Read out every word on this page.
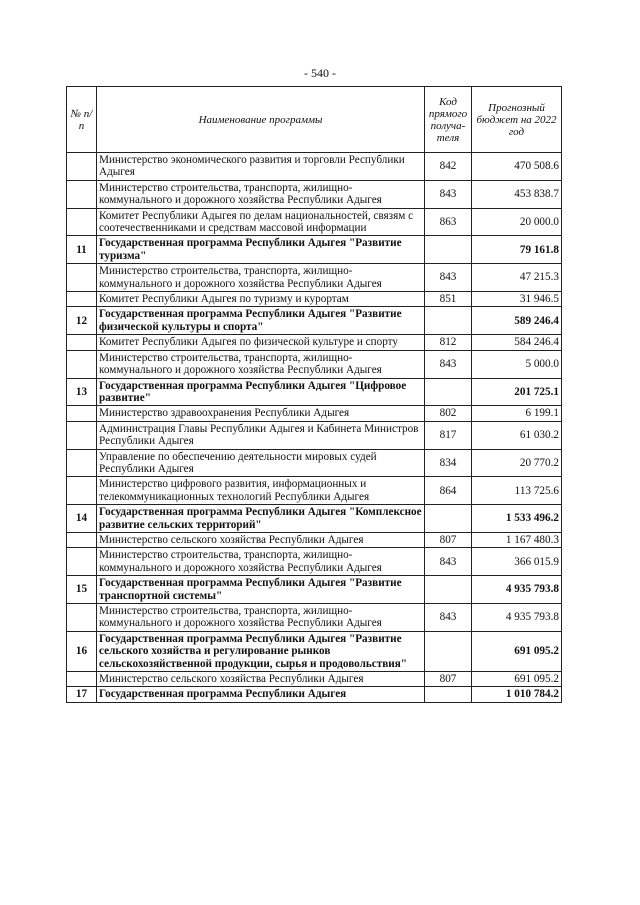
- 540 -
№ п/п	Наименование программы	Код прямого получа-теля	Прогнозный бюджет на 2022 год
	Министерство экономического развития и торговли Республики Адыгея	842	470 508.6
	Министерство строительства, транспорта, жилищно-коммунального и дорожного хозяйства Республики Адыгея	843	453 838.7
	Комитет Республики Адыгея по делам национальностей, связям с соотечественниками и средствам массовой информации	863	20 000.0
11	Государственная программа Республики Адыгея "Развитие туризма"		79 161.8
	Министерство строительства, транспорта, жилищно-коммунального и дорожного хозяйства Республики Адыгея	843	47 215.3
	Комитет Республики Адыгея по туризму и курортам	851	31 946.5
12	Государственная программа Республики Адыгея "Развитие физической культуры и спорта"		589 246.4
	Комитет Республики Адыгея по физической культуре и спорту	812	584 246.4
	Министерство строительства, транспорта, жилищно-коммунального и дорожного хозяйства Республики Адыгея	843	5 000.0
13	Государственная программа Республики Адыгея "Цифровое развитие"		201 725.1
	Министерство здравоохранения Республики Адыгея	802	6 199.1
	Администрация Главы Республики Адыгея и Кабинета Министров Республики Адыгея	817	61 030.2
	Управление по обеспечению деятельности мировых судей Республики Адыгея	834	20 770.2
	Министерство цифрового развития, информационных и телекоммуникационных технологий Республики Адыгея	864	113 725.6
14	Государственная программа Республики Адыгея "Комплексное развитие сельских территорий"		1 533 496.2
	Министерство сельского хозяйства Республики Адыгея	807	1 167 480.3
	Министерство строительства, транспорта, жилищно-коммунального и дорожного хозяйства Республики Адыгея	843	366 015.9
15	Государственная программа Республики Адыгея "Развитие транспортной системы"		4 935 793.8
	Министерство строительства, транспорта, жилищно-коммунального и дорожного хозяйства Республики Адыгея	843	4 935 793.8
16	Государственная программа Республики Адыгея "Развитие сельского хозяйства и регулирование рынков сельскохозяйственной продукции, сырья и продовольствия"		691 095.2
	Министерство сельского хозяйства Республики Адыгея	807	691 095.2
17	Государственная программа Республики Адыгея		1 010 784.2
